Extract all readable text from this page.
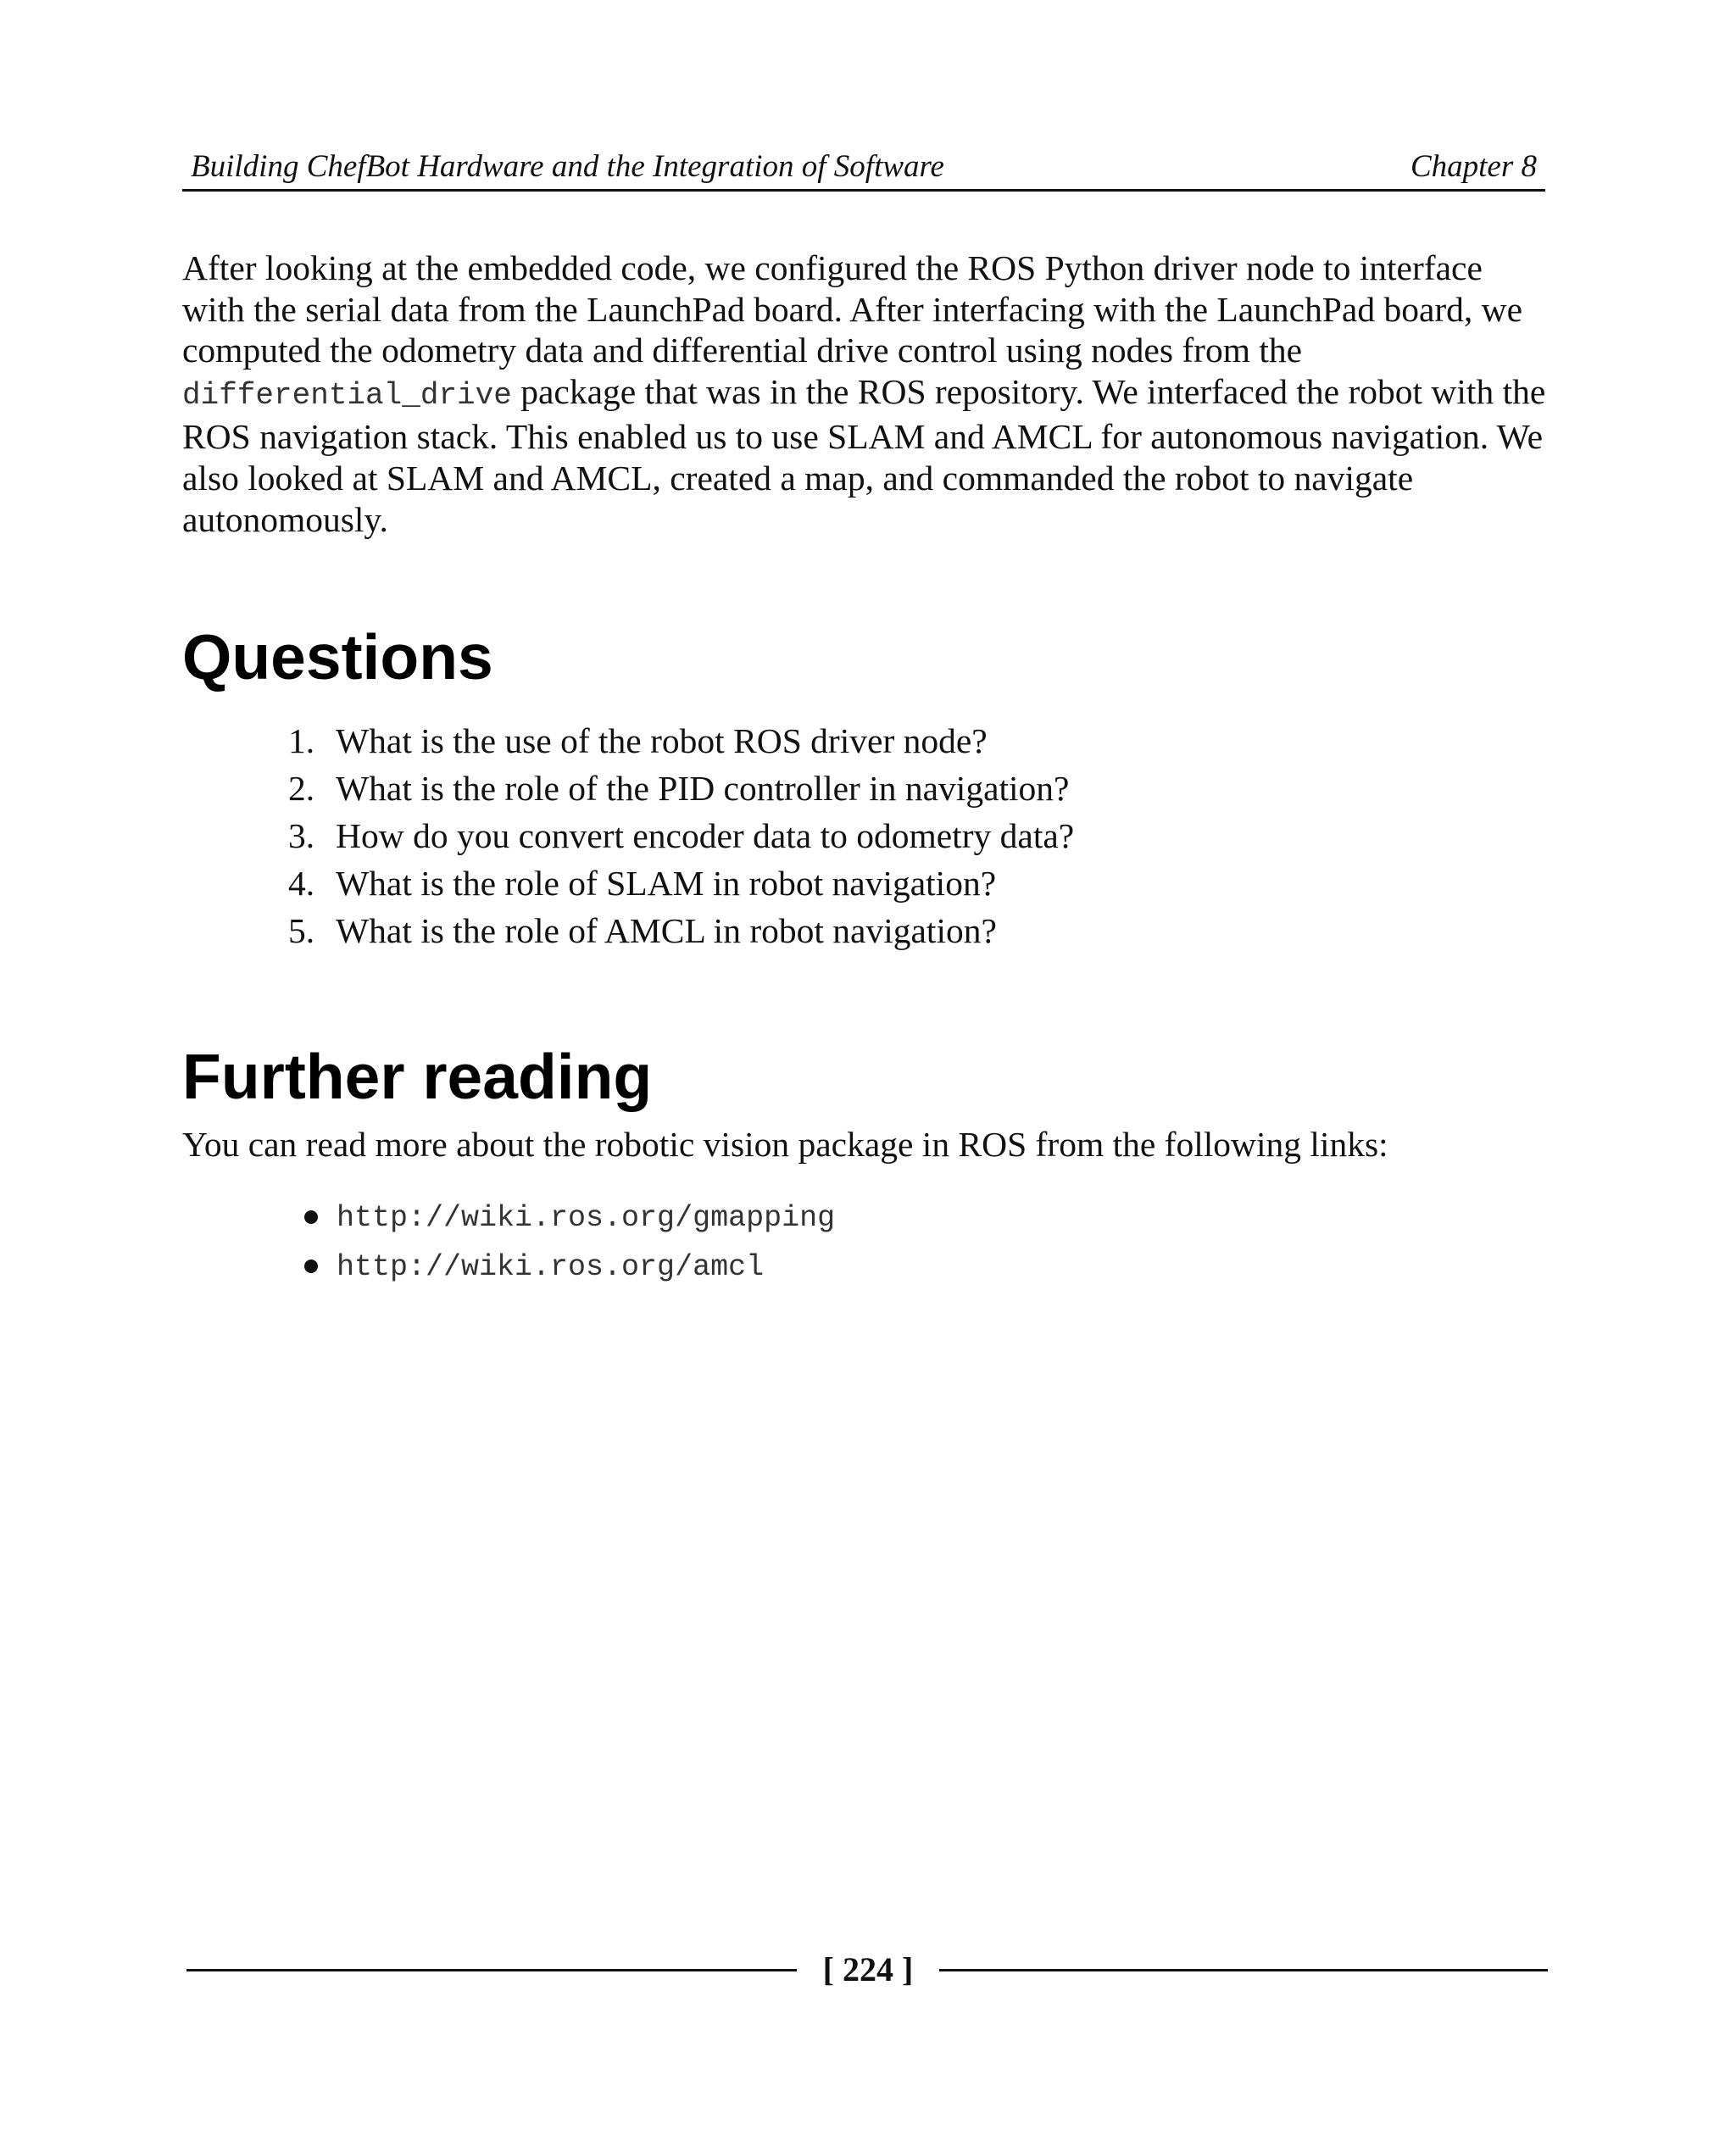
Building ChefBot Hardware and the Integration of Software	Chapter 8

After looking at the embedded code, we configured the ROS Python driver node to interface with the serial data from the LaunchPad board. After interfacing with the LaunchPad board, we computed the odometry data and differential drive control using nodes from the differential_drive package that was in the ROS repository. We interfaced the robot with the ROS navigation stack. This enabled us to use SLAM and AMCL for autonomous navigation. We also looked at SLAM and AMCL, created a map, and commanded the robot to navigate autonomously.

Questions
1. What is the use of the robot ROS driver node?
2. What is the role of the PID controller in navigation?
3. How do you convert encoder data to odometry data?
4. What is the role of SLAM in robot navigation?
5. What is the role of AMCL in robot navigation?
Further reading

You can read more about the robotic vision package in ROS from the following links:

http://wiki.ros.org/gmapping
http://wiki.ros.org/amcl
[ 224 ]
